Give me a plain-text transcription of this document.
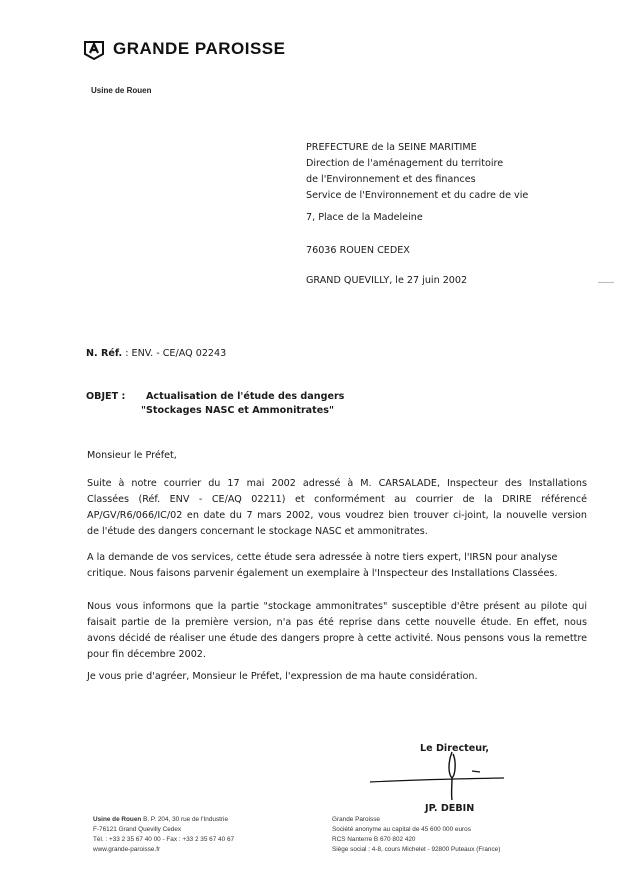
GRANDE PAROISSE
Usine de Rouen
PREFECTURE de la SEINE MARITIME
Direction de l'aménagement du territoire
de l'Environnement et des finances
Service de l'Environnement et du cadre de vie
7, Place de la Madeleine
76036 ROUEN CEDEX
GRAND QUEVILLY, le 27 juin 2002
N. Réf. : ENV. - CE/AQ 02243
OBJET : Actualisation de l'étude des dangers
"Stockages NASC et Ammonitrates"
Monsieur le Préfet,
Suite à notre courrier du 17 mai 2002 adressé à M. CARSALADE, Inspecteur des Installations
Classées (Réf. ENV - CE/AQ 02211) et conformément au courrier de la DRIRE référencé
AP/GV/R6/066/IC/02 en date du 7 mars 2002, vous voudrez bien trouver ci-joint, la nouvelle version
de l'étude des dangers concernant le stockage NASC et ammonitrates.
A la demande de vos services, cette étude sera adressée à notre tiers expert, l'IRSN pour analyse
critique. Nous faisons parvenir également un exemplaire à l'Inspecteur des Installations Classées.
Nous vous informons que la partie "stockage ammonitrates" susceptible d'être présent au pilote qui
faisait partie de la première version, n'a pas été reprise dans cette nouvelle étude. En effet, nous
avons décidé de réaliser une étude des dangers propre à cette activité. Nous pensons vous la remettre
pour fin décembre 2002.
Je vous prie d'agréer, Monsieur le Préfet, l'expression de ma haute considération.
Le Directeur,
JP. DEBIN
Usine de Rouen B. P. 204, 30 rue de l'Industrie
F-76121 Grand Quevilly Cedex
Tél. : +33 2 35 67 40 00 - Fax : +33 2 35 67 40 67
www.grande-paroisse.fr
Grande Paroisse
Société anonyme au capital de 45 600 000 euros
RCS Nanterre B 670 802 420
Siège social : 4-8, cours Michelet - 92800 Puteaux (France)
